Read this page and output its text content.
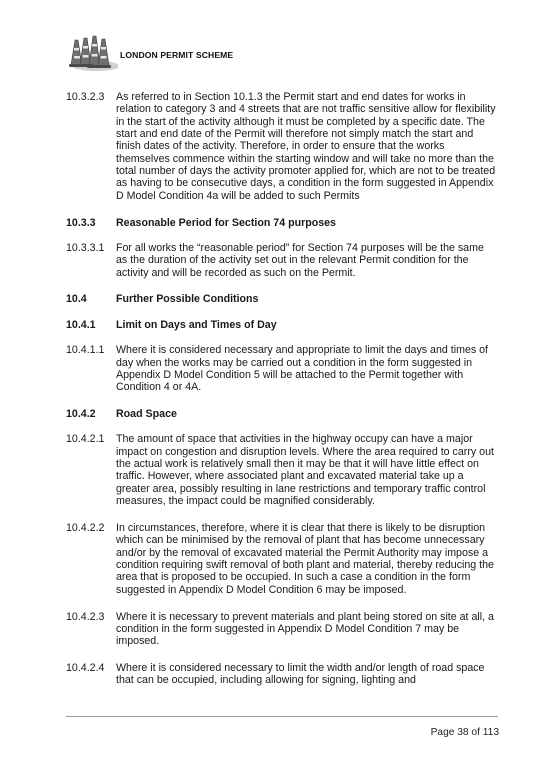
LONDON PERMIT SCHEME
10.3.2.3	As referred to in Section 10.1.3 the Permit start and end dates for works in relation to category 3 and 4 streets that are not traffic sensitive allow for flexibility in the start of the activity although it must be completed by a specific date. The start and end date of the Permit will therefore not simply match the start and finish dates of the activity. Therefore, in order to ensure that the works themselves commence within the starting window and will take no more than the total number of days the activity promoter applied for, which are not to be treated as having to be consecutive days, a condition in the form suggested in Appendix D Model Condition 4a will be added to such Permits
10.3.3	Reasonable Period for Section 74 purposes
10.3.3.1	For all works the “reasonable period” for Section 74 purposes will be the same as the duration of the activity set out in the relevant Permit condition for the activity and will be recorded as such on the Permit.
10.4	Further Possible Conditions
10.4.1	Limit on Days and Times of Day
10.4.1.1	Where it is considered necessary and appropriate to limit the days and times of day when the works may be carried out a condition in the form suggested in Appendix D Model Condition 5 will be attached to the Permit together with Condition 4 or 4A.
10.4.2	Road Space
10.4.2.1	The amount of space that activities in the highway occupy can have a major impact on congestion and disruption levels. Where the area required to carry out the actual work is relatively small then it may be that it will have little effect on traffic. However, where associated plant and excavated material take up a greater area, possibly resulting in lane restrictions and temporary traffic control measures, the impact could be magnified considerably.
10.4.2.2	In circumstances, therefore, where it is clear that there is likely to be disruption which can be minimised by the removal of plant that has become unnecessary and/or by the removal of excavated material the Permit Authority may impose a condition requiring swift removal of both plant and material, thereby reducing the area that is proposed to be occupied. In such a case a condition in the form suggested in Appendix D Model Condition 6 may be imposed.
10.4.2.3	Where it is necessary to prevent materials and plant being stored on site at all, a condition in the form suggested in Appendix D Model Condition 7 may be imposed.
10.4.2.4	Where it is considered necessary to limit the width and/or length of road space that can be occupied, including allowing for signing, lighting and
Page 38 of 113
